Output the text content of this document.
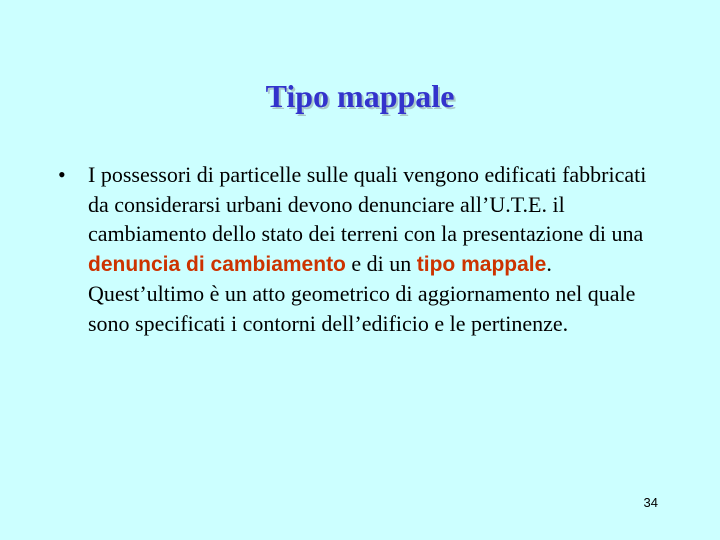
Tipo mappale
• I possessori di particelle sulle quali vengono edificati fabbricati da considerarsi urbani devono denunciare all’U.T.E. il cambiamento dello stato dei terreni con la presentazione di una denuncia di cambiamento e di un tipo mappale. Quest’ultimo è un atto geometrico di aggiornamento nel quale sono specificati i contorni dell’edificio e le pertinenze.
34
